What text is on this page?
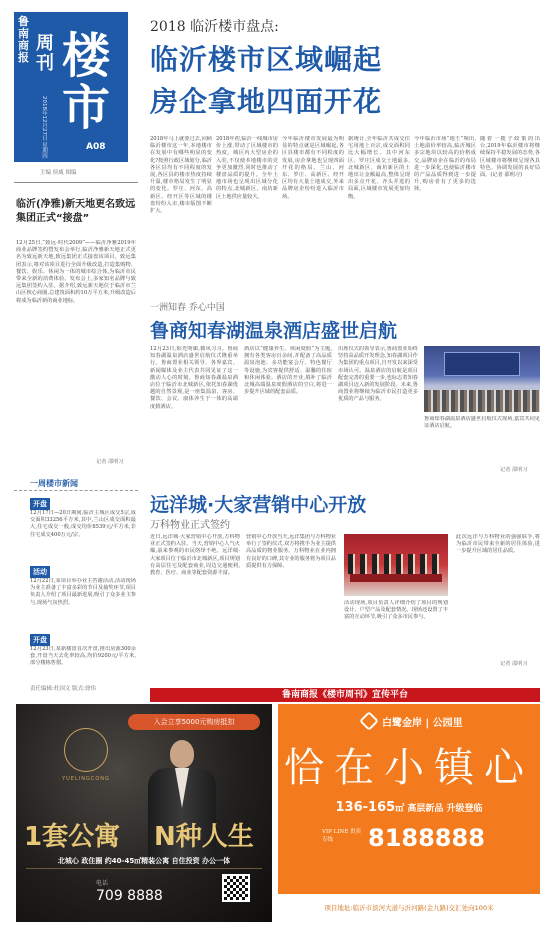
鲁南商报
周刊 楼市
2018年12月27日 星期四	A08
主编 侯威 图编
2018 临沂楼市盘点:
临沂楼市区域崛起
房企拿地四面开花
2018年马上就要过去,回顾临沂楼市这一年,本地楼市在发展中有哪些明显的变化?按照行政区域划分,临沂各区县均有不同程度的发展,各区县的楼市热度持续升温,楼市格局发生了明显的变化。罗庄、河东、高新区、经开区等区域的楼盘纷纷入市,楼市版图不断扩大。
2018年初,临沂一线城市房价上涨,带动了区域楼市的热度。城区内大型房企的入驻,不仅使本地楼市的竞争更加激烈,同时也推动了楼盘品质的提升。全年土地市场也呈现出区域分化的特点,北城新区、南坊新区土地供应量较大。
今年临沂楼市发展最为明显的特点就是区域崛起,各区县楼市都有不同程度的发展,房企拿地也呈现四面开花的格局。兰山、河东、罗庄、高新区、经开区均有大量土地成交,外来品牌房企纷纷进入临沂市场。
据统计,全年临沂共成交住宅用地上百宗,成交面积同比大幅增长。其中河东区、罗庄区成交土地最多,北城新区、南坊新区的土地出让金额最高,整体呈现出多点开花、齐头并进的局面,区域楼市发展更加均衡。
今年临沂市场“地王”频出,土地溢价率较高,临沂城区多宗地块以较高的价格成交,品牌房企在临沂的布局进一步深化,也使临沂楼市的产品品质得到进一步提升,购房者有了更多的选择。
随着一揽子政策的出台,2019年临沂楼市将继续保持平稳发展的态势,各区域楼市将继续呈现各具特色、协调发展的良好局面。(记者 邵明习)
临沂(净雅)新天地更名致远集团正式“接盘”
12月25日,“致远·时代2009”——临沂净雅2019年商业品牌签约暨发布会举行,临沂净雅新天地正式更名为致远新天地,致远集团正式接盘该项目。致远集团表示,将对该项目进行全面升级改造,打造集购物、餐饮、娱乐、休闲为一体的城市综合体,为临沂市民带来全新的消费体验。发布会上,多家知名品牌与致远集团签约入驻。据介绍,致远新天地位于临沂市兰山区核心商圈,总建筑面积约10万平方米,升级改造后将成为临沂新的商业地标。
记者 邵明习
一周楼市新闻
开盘
12月17日—20日期间,临沂主城区成交5宗,成交面积33256平方米,其中,兰山区成交面积最大,住宅成交一般,成交均价8539元/平方米,非住宅成交400万元/宗。
活动
12月22日,某项目举办业主答谢活动,活动现场为业主准备了丰富多彩的节目及抽奖环节,项目负责人介绍了项目最新进展,吸引了众多业主参与,现场气氛热烈。
开盘
12月23日,某新楼盘首次开盘,推出房源300余套,开盘当天去化率较高,均价9200元/平方米,部分楼栋售罄。
责任编辑:杜国文 版式:徐伟
一洲知春 乔心中国
鲁商知春湖温泉酒店盛世启航
12月23日,阳光明媚,微风习习。鲁商知春湖温泉酒店盛世启航仪式隆重举行。鲁商置业相关领导、各界嘉宾、新闻媒体及业主代表共同见证了这一激动人心的时刻。鲁商知春湖温泉酒店位于临沂市北城新区,依托知春湖优越的自然景观,是一座集温泉、客房、餐饮、会议、康体养生于一体的高端度假酒店。
酒店以“健康养生、休闲度假”为主题,拥有各类客房百余间,并配备了高品质温泉泡池、多功能宴会厅、特色餐厅等设施,为宾客提供舒适、温馨的住宿和休闲体验。酒店的开业,填补了临沂北城高端温泉度假酒店的空白,将进一步提升区域的配套品质。
出席仪式的领导表示,鲁商置业始终坚持高品质开发理念,知春湖项目作为集团的重点项目,自开发以来深受市场认可。温泉酒店的启航是项目配套完善的重要一步,也标志着知春湖项目迈入新的发展阶段。未来,鲁商置业将继续为临沂市民打造更多优质的产品与服务。
鲁商知春湖温泉酒店盛世启航仪式现场,嘉宾共同见证酒店启航。
记者 邵明习
远洋城·大家营销中心开放
万科物业正式签约
近日,远洋城·大家营销中心开放,万科物业正式签约入驻。当天,营销中心人气火爆,前来参观的市民络绎不绝。远洋城·大家项目位于临沂市北城新区,项目规划有高层住宅及配套商业,周边交通便利,教育、医疗、商业等配套资源丰富。
营销中心开放当天,远洋集团与万科物业举行了签约仪式,双方将携手为业主提供高品质的物业服务。万科物业在业内拥有良好的口碑,其专业的服务将为项目品质提供有力保障。
活动现场,项目负责人详细介绍了项目的规划设计、户型产品及配套情况。现场还设置了丰富的互动环节,吸引了众多市民参与。
此次远洋与万科物业的强强联手,将为临沂市民带来全新的居住体验,进一步提升区域的居住品质。
记者 邵明习
鲁南商报《楼市周刊》宣传平台
入会立享5000元购房抵扣
YUELINGCONG
1套公寓 N种人生
北城心 政住圈 约40-45㎡精装公寓 自住投资 办公一体
电话
709 8888
白鹭金岸 | 公园里
恰在小镇心
136-165㎡ 高层新品 升级登临
VIP LINE 贵宾专线	8188888
项目地址:临沂市滨河大道与沂河路(金九路)交汇处向100米
